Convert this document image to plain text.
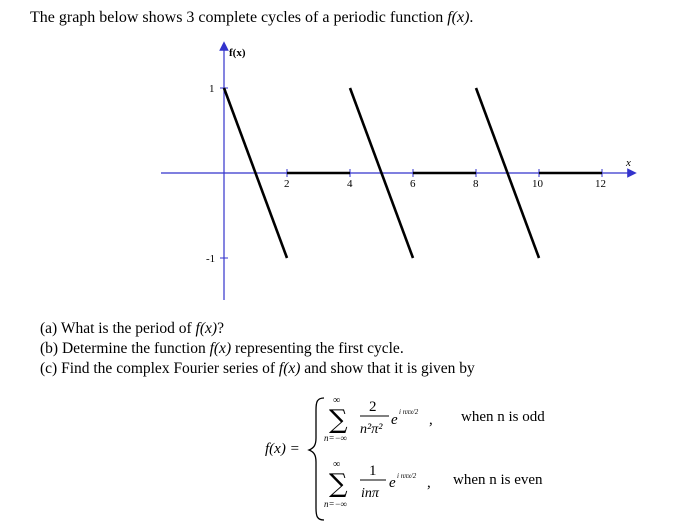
The graph below shows 3 complete cycles of a periodic function f(x).
f(x)
x
1
-1
2	4	6	8	10	12
(a) What is the period of f(x)?
(b) Determine the function f(x) representing the first cycle.
(c) Find the complex Fourier series of f(x) and show that it is given by
f(x) =
∞
∑
n=−∞
2
n²π²
e i nπx/2 ,
∞
∑
n=−∞
1
inπ
e i nπx/2 ,
when n is odd
when n is even
